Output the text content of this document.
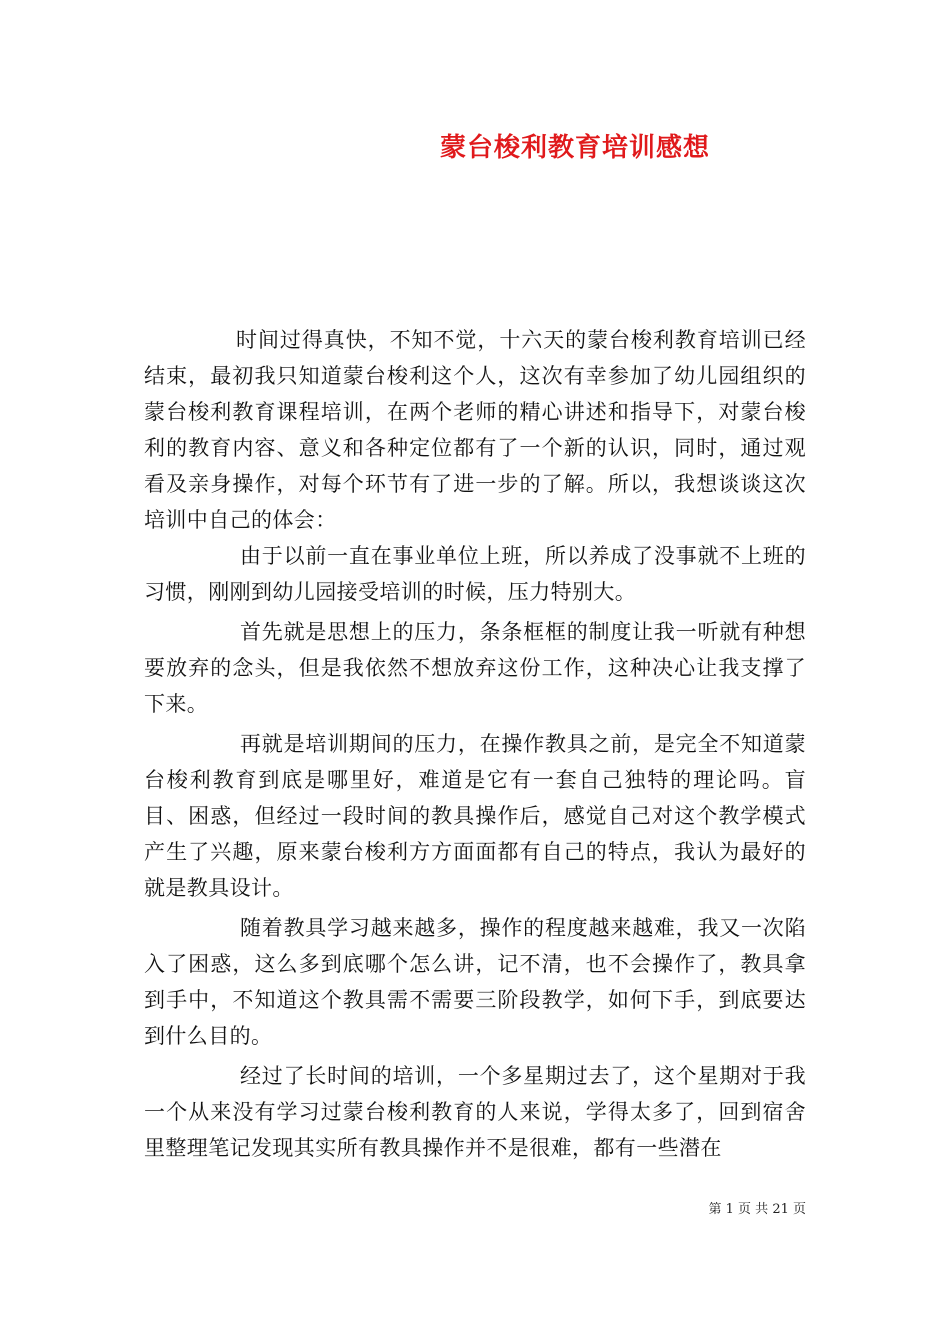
蒙台梭利教育培训感想

时间过得真快，不知不觉，十六天的蒙台梭利教育培训已经结束，最初我只知道蒙台梭利这个人，这次有幸参加了幼儿园组织的蒙台梭利教育课程培训，在两个老师的精心讲述和指导下，对蒙台梭利的教育内容、意义和各种定位都有了一个新的认识，同时，通过观看及亲身操作，对每个环节有了进一步的了解。所以，我想谈谈这次培训中自己的体会：

由于以前一直在事业单位上班，所以养成了没事就不上班的习惯，刚刚到幼儿园接受培训的时候，压力特别大。

首先就是思想上的压力，条条框框的制度让我一听就有种想要放弃的念头，但是我依然不想放弃这份工作，这种决心让我支撑了下来。

再就是培训期间的压力，在操作教具之前，是完全不知道蒙台梭利教育到底是哪里好，难道是它有一套自己独特的理论吗。盲目、困惑，但经过一段时间的教具操作后，感觉自己对这个教学模式产生了兴趣，原来蒙台梭利方方面面都有自己的特点，我认为最好的就是教具设计。

随着教具学习越来越多，操作的程度越来越难，我又一次陷入了困惑，这么多到底哪个怎么讲，记不清，也不会操作了，教具拿到手中，不知道这个教具需不需要三阶段教学，如何下手，到底要达到什么目的。

经过了长时间的培训，一个多星期过去了，这个星期对于我一个从来没有学习过蒙台梭利教育的人来说，学得太多了，回到宿舍里整理笔记发现其实所有教具操作并不是很难，都有一些潜在

第 1 页 共 21 页
